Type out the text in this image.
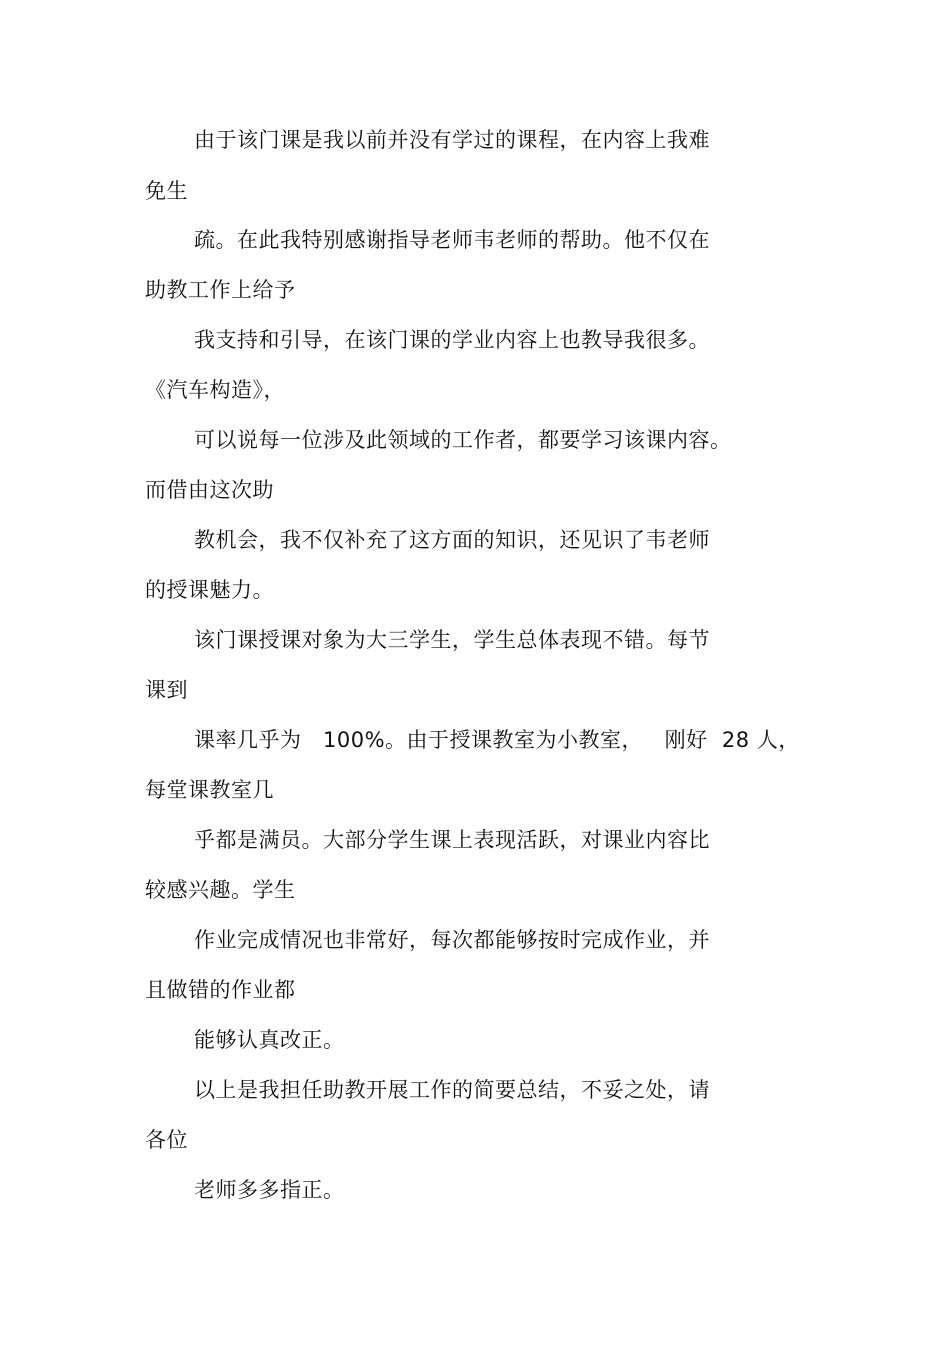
由于该门课是我以前并没有学过的课程，在内容上我难
免生
疏。在此我特别感谢指导老师韦老师的帮助。他不仅在
助教工作上给予
我支持和引导，在该门课的学业内容上也教导我很多。
《汽车构造》，
可以说每一位涉及此领域的工作者，都要学习该课内容。
而借由这次助
教机会，我不仅补充了这方面的知识，还见识了韦老师
的授课魅力。
该门课授课对象为大三学生，学生总体表现不错。每节
课到
课率几乎为   100%。由于授课教室为小教室，   刚好  28 人，
每堂课教室几
乎都是满员。大部分学生课上表现活跃，对课业内容比
较感兴趣。学生
作业完成情况也非常好，每次都能够按时完成作业，并
且做错的作业都
能够认真改正。
以上是我担任助教开展工作的简要总结，不妥之处，请
各位
老师多多指正。
